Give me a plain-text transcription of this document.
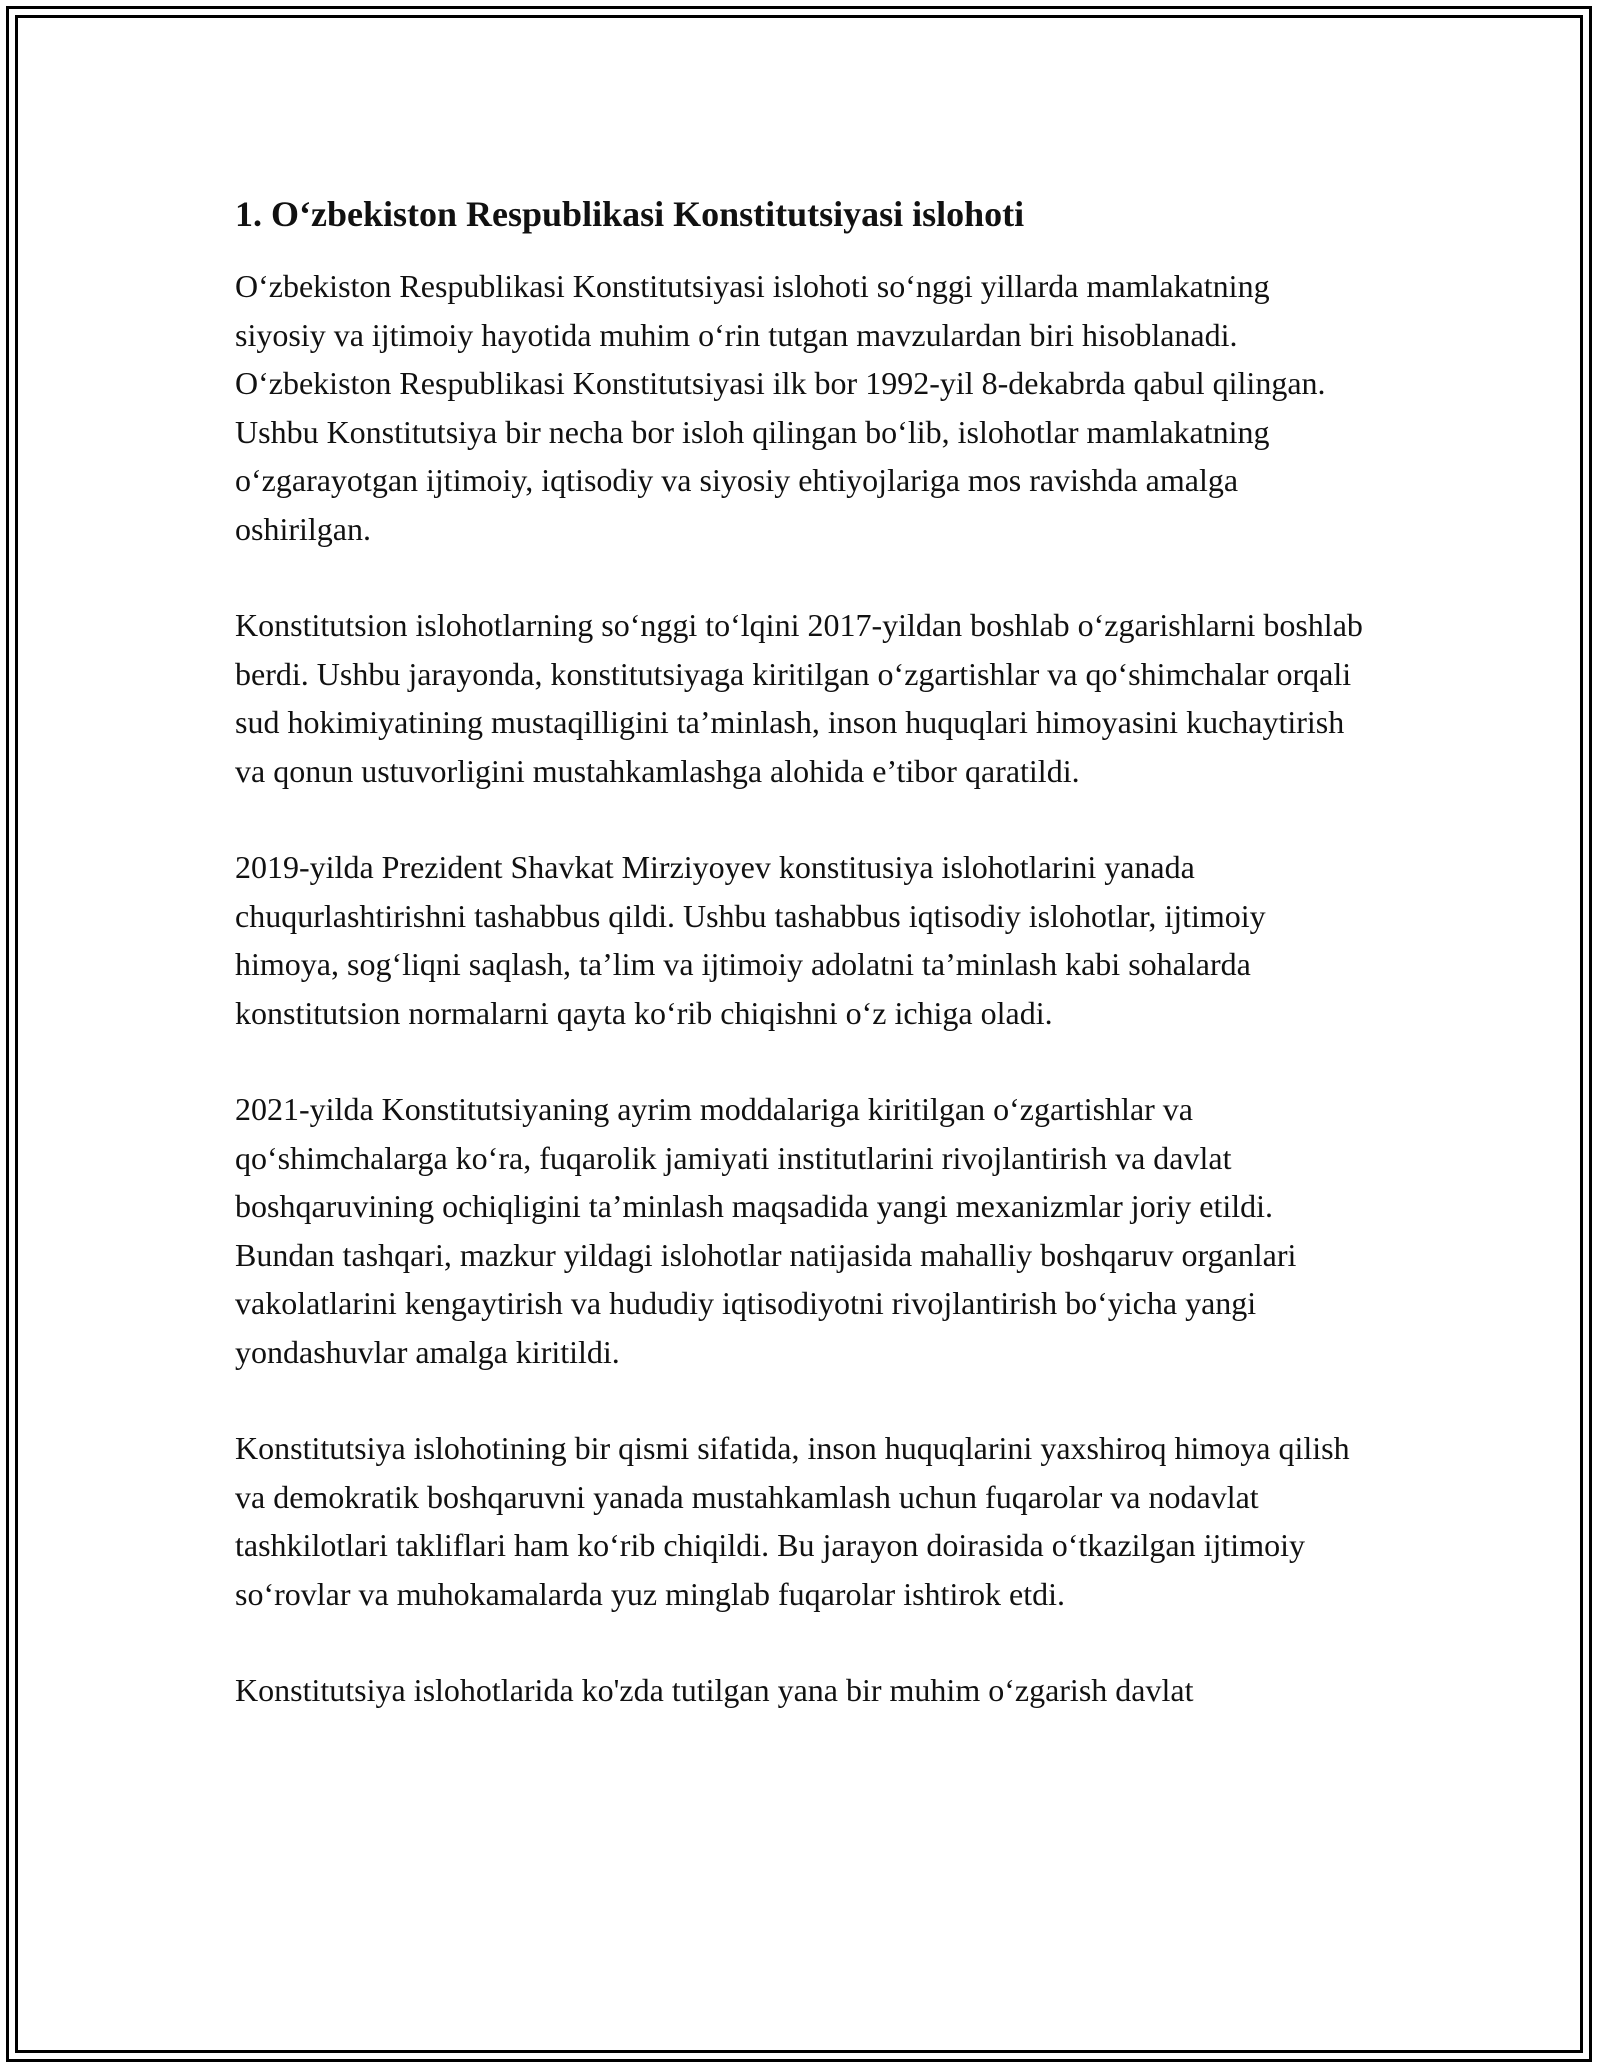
1. O‘zbekiston Respublikasi Konstitutsiyasi islohoti

O‘zbekiston Respublikasi Konstitutsiyasi islohoti so‘nggi yillarda mamlakatning siyosiy va ijtimoiy hayotida muhim o‘rin tutgan mavzulardan biri hisoblanadi. O‘zbekiston Respublikasi Konstitutsiyasi ilk bor 1992-yil 8-dekabrda qabul qilingan. Ushbu Konstitutsiya bir necha bor isloh qilingan bo‘lib, islohotlar mamlakatning o‘zgarayotgan ijtimoiy, iqtisodiy va siyosiy ehtiyojlariga mos ravishda amalga oshirilgan.

Konstitutsion islohotlarning so‘nggi to‘lqini 2017-yildan boshlab o‘zgarishlarni boshlab berdi. Ushbu jarayonda, konstitutsiyaga kiritilgan o‘zgartishlar va qo‘shimchalar orqali sud hokimiyatining mustaqilligini ta’minlash, inson huquqlari himoyasini kuchaytirish va qonun ustuvorligini mustahkamlashga alohida e’tibor qaratildi.

2019-yilda Prezident Shavkat Mirziyoyev konstitusiya islohotlarini yanada chuqurlashtirishni tashabbus qildi. Ushbu tashabbus iqtisodiy islohotlar, ijtimoiy himoya, sog‘liqni saqlash, ta’lim va ijtimoiy adolatni ta’minlash kabi sohalarda konstitutsion normalarni qayta ko‘rib chiqishni o‘z ichiga oladi.

2021-yilda Konstitutsiyaning ayrim moddalariga kiritilgan o‘zgartishlar va qo‘shimchalarga ko‘ra, fuqarolik jamiyati institutlarini rivojlantirish va davlat boshqaruvining ochiqligini ta’minlash maqsadida yangi mexanizmlar joriy etildi. Bundan tashqari, mazkur yildagi islohotlar natijasida mahalliy boshqaruv organlari vakolatlarini kengaytirish va hududiy iqtisodiyotni rivojlantirish bo‘yicha yangi yondashuvlar amalga kiritildi.

Konstitutsiya islohotining bir qismi sifatida, inson huquqlarini yaxshiroq himoya qilish va demokratik boshqaruvni yanada mustahkamlash uchun fuqarolar va nodavlat tashkilotlari takliflari ham ko‘rib chiqildi. Bu jarayon doirasida o‘tkazilgan ijtimoiy so‘rovlar va muhokamalarda yuz minglab fuqarolar ishtirok etdi.

Konstitutsiya islohotlarida ko'zda tutilgan yana bir muhim o‘zgarish davlat
